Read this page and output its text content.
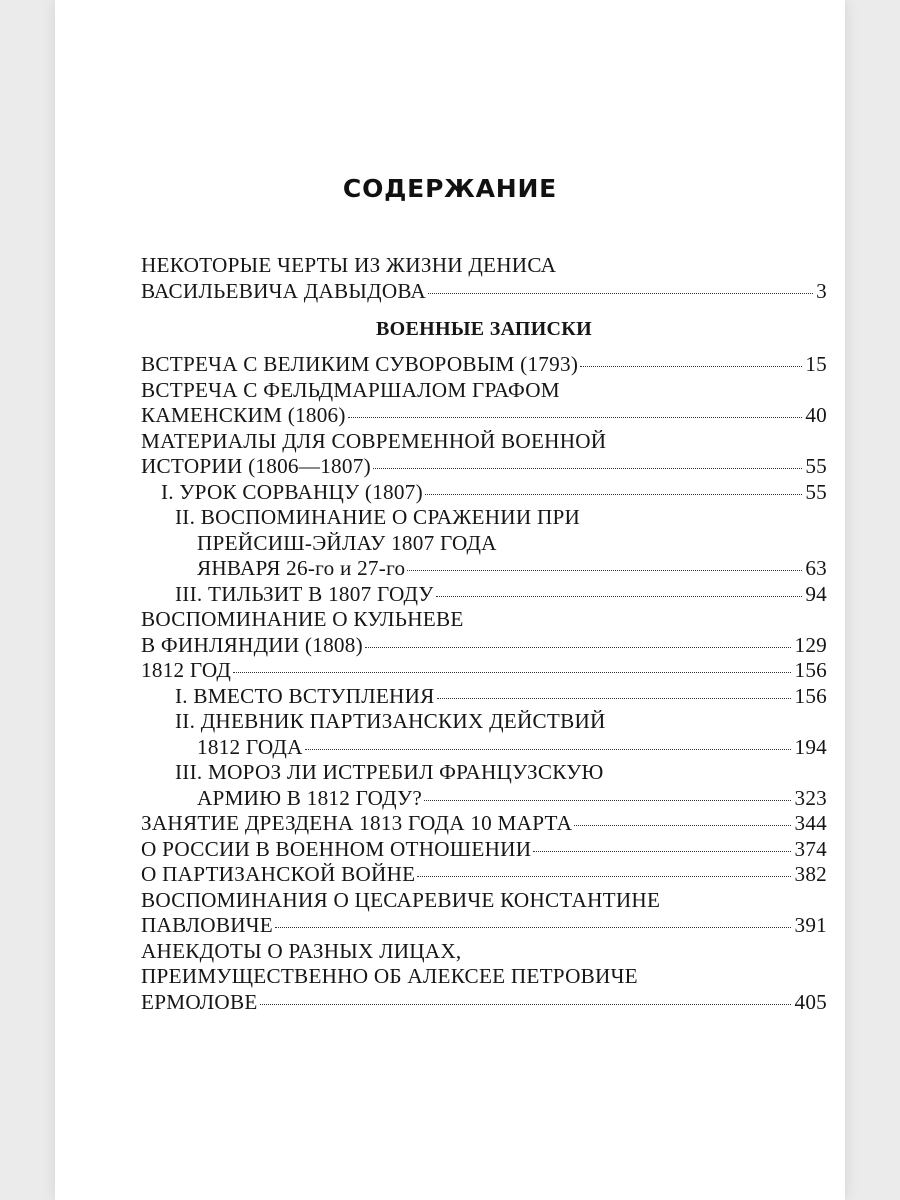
СОДЕРЖАНИЕ
НЕКОТОРЫЕ ЧЕРТЫ ИЗ ЖИЗНИ ДЕНИСА
ВАСИЛЬЕВИЧА ДАВЫДОВА	3
ВОЕННЫЕ ЗАПИСКИ
ВСТРЕЧА С ВЕЛИКИМ СУВОРОВЫМ (1793)	15
ВСТРЕЧА С ФЕЛЬДМАРШАЛОМ ГРАФОМ
КАМЕНСКИМ (1806)	40
МАТЕРИАЛЫ ДЛЯ СОВРЕМЕННОЙ ВОЕННОЙ
ИСТОРИИ (1806—1807)	55
I. УРОК СОРВАНЦУ (1807)	55
II. ВОСПОМИНАНИЕ О СРАЖЕНИИ ПРИ
ПРЕЙСИШ-ЭЙЛАУ 1807 ГОДА
ЯНВАРЯ 26-го и 27-го	63
III. ТИЛЬЗИТ В 1807 ГОДУ	94
ВОСПОМИНАНИЕ О КУЛЬНЕВЕ
В ФИНЛЯНДИИ (1808)	129
1812 ГОД	156
I. ВМЕСТО ВСТУПЛЕНИЯ	156
II. ДНЕВНИК ПАРТИЗАНСКИХ ДЕЙСТВИЙ
1812 ГОДА	194
III. МОРОЗ ЛИ ИСТРЕБИЛ ФРАНЦУЗСКУЮ
АРМИЮ В 1812 ГОДУ?	323
ЗАНЯТИЕ ДРЕЗДЕНА 1813 ГОДА 10 МАРТА	344
О РОССИИ В ВОЕННОМ ОТНОШЕНИИ	374
О ПАРТИЗАНСКОЙ ВОЙНЕ	382
ВОСПОМИНАНИЯ О ЦЕСАРЕВИЧЕ КОНСТАНТИНЕ
ПАВЛОВИЧЕ	391
АНЕКДОТЫ О РАЗНЫХ ЛИЦАХ,
ПРЕИМУЩЕСТВЕННО ОБ АЛЕКСЕЕ ПЕТРОВИЧЕ
ЕРМОЛОВЕ	405
